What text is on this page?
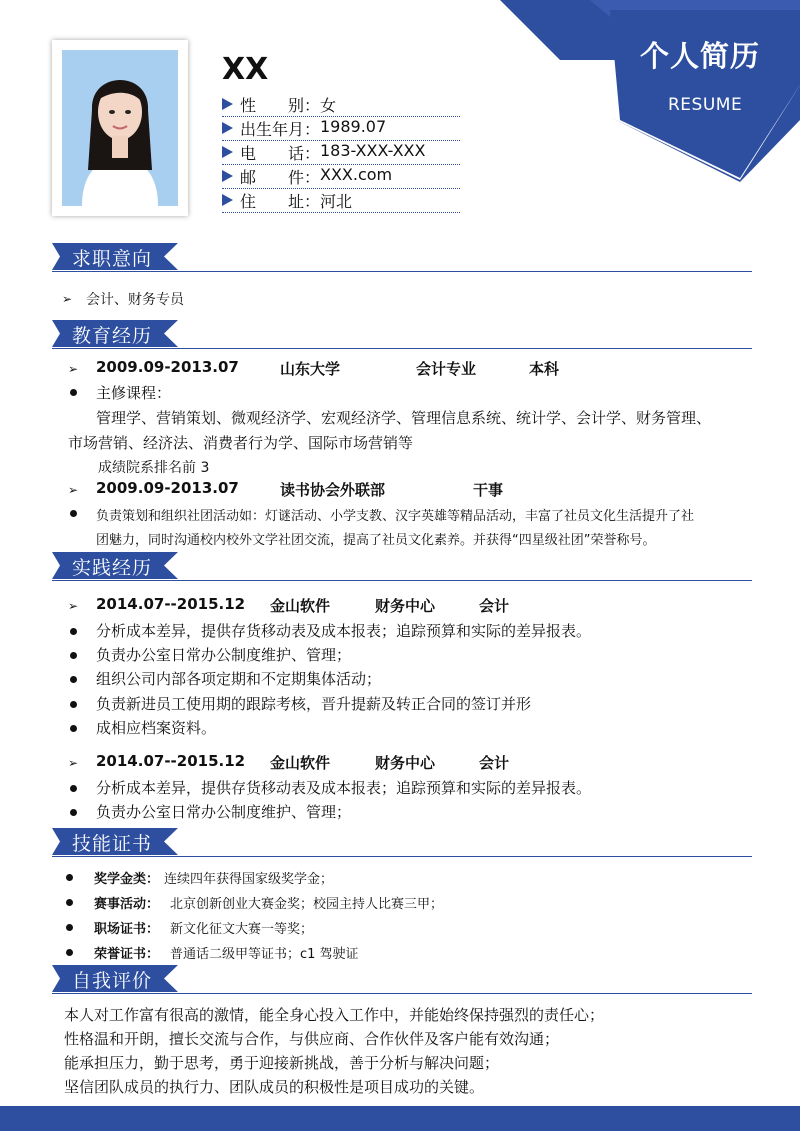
个人简历
RESUME
XX
性　　别： 女
出生年月： 1989.07
电　　话： 183-XXX-XXX
邮　　件： XXX.com
住　　址： 河北
求职意向
➢ 会计、财务专员
教育经历
➢ 2009.09-2013.07	山东大学	会计专业	本科
主修课程：
管理学、营销策划、微观经济学、宏观经济学、管理信息系统、统计学、会计学、财务管理、
市场营销、经济法、消费者行为学、国际市场营销等
成绩院系排名前 3
➢ 2009.09-2013.07	读书协会外联部	干事
负责策划和组织社团活动如：灯谜活动、小学支教、汉字英雄等精品活动，丰富了社员文化生活提升了社
团魅力，同时沟通校内校外文学社团交流，提高了社员文化素养。并获得“四星级社团”荣誉称号。
实践经历
➢ 2014.07--2015.12 金山软件	财务中心	会计
分析成本差异，提供存货移动表及成本报表；追踪预算和实际的差异报表。
负责办公室日常办公制度维护、管理；
组织公司内部各项定期和不定期集体活动；
负责新进员工使用期的跟踪考核，晋升提薪及转正合同的签订并形
成相应档案资料。
➢ 2014.07--2015.12 金山软件	财务中心	会计
分析成本差异，提供存货移动表及成本报表；追踪预算和实际的差异报表。
负责办公室日常办公制度维护、管理；
技能证书
奖学金类： 连续四年获得国家级奖学金；
赛事活动： 北京创新创业大赛金奖；校园主持人比赛三甲；
职场证书： 新文化征文大赛一等奖；
荣誉证书： 普通话二级甲等证书；c1 驾驶证
自我评价
本人对工作富有很高的激情，能全身心投入工作中，并能始终保持强烈的责任心；
性格温和开朗，擅长交流与合作，与供应商、合作伙伴及客户能有效沟通；
能承担压力，勤于思考，勇于迎接新挑战，善于分析与解决问题；
坚信团队成员的执行力、团队成员的积极性是项目成功的关键。
